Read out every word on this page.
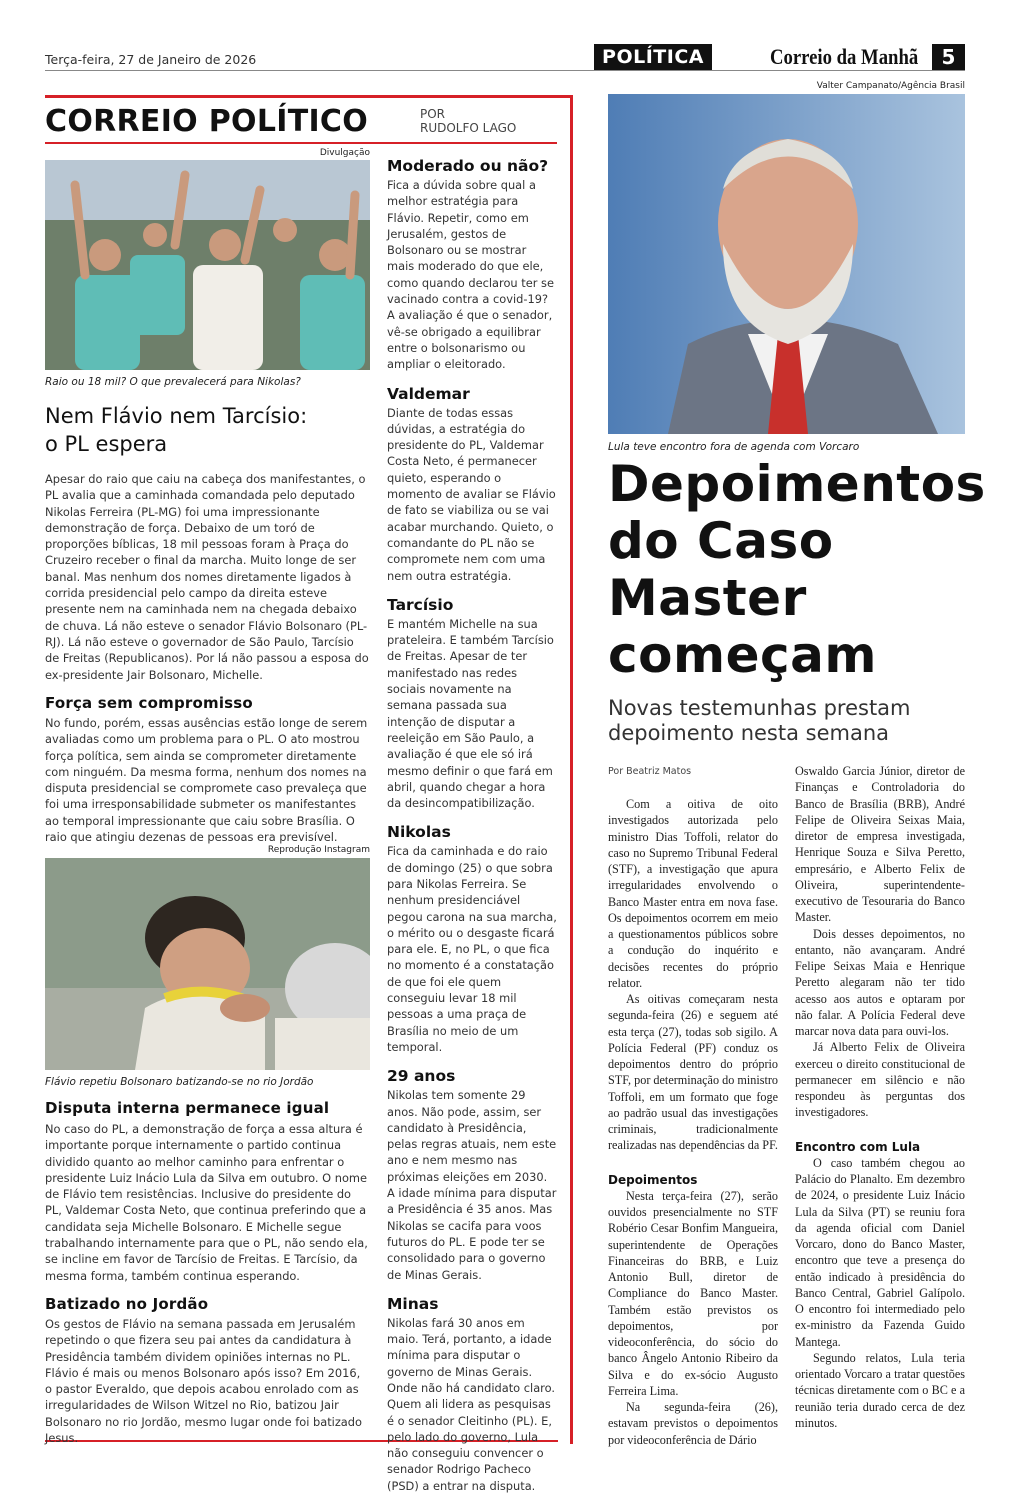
Terça-feira, 27 de Janeiro de 2026	POLÍTICA	Correio da Manhã	5
CORREIO POLÍTICO	POR
RUDOLFO LAGO
Divulgação
Raio ou 18 mil? O que prevalecerá para Nikolas?
Nem Flávio nem Tarcísio:
o PL espera
Apesar do raio que caiu na cabeça dos manifestantes, o PL avalia que a caminhada comandada pelo deputado Nikolas Ferreira (PL-MG) foi uma impressionante demonstração de força. Debaixo de um toró de proporções bíblicas, 18 mil pessoas foram à Praça do Cruzeiro receber o final da marcha. Muito longe de ser banal. Mas nenhum dos nomes diretamente ligados à corrida presidencial pelo campo da direita esteve presente nem na caminhada nem na chegada debaixo de chuva. Lá não esteve o senador Flávio Bolsonaro (PL-RJ). Lá não esteve o governador de São Paulo, Tarcísio de Freitas (Republicanos). Por lá não passou a esposa do ex-presidente Jair Bolsonaro, Michelle.
Força sem compromisso
No fundo, porém, essas ausências estão longe de serem avaliadas como um problema para o PL. O ato mostrou força política, sem ainda se comprometer diretamente com ninguém. Da mesma forma, nenhum dos nomes na disputa presidencial se compromete caso prevaleça que foi uma irresponsabilidade submeter os manifestantes ao temporal impressionante que caiu sobre Brasília. O raio que atingiu dezenas de pessoas era previsível.
Reprodução Instagram
Flávio repetiu Bolsonaro batizando-se no rio Jordão
Disputa interna permanece igual
No caso do PL, a demonstração de força a essa altura é importante porque internamente o partido continua dividido quanto ao melhor caminho para enfrentar o presidente Luiz Inácio Lula da Silva em outubro. O nome de Flávio tem resistências. Inclusive do presidente do PL, Valdemar Costa Neto, que continua preferindo que a candidata seja Michelle Bolsonaro. E Michelle segue trabalhando internamente para que o PL, não sendo ela, se incline em favor de Tarcísio de Freitas. E Tarcísio, da mesma forma, também continua esperando.
Batizado no Jordão
Os gestos de Flávio na semana passada em Jerusalém repetindo o que fizera seu pai antes da candidatura à Presidência também dividem opiniões internas no PL. Flávio é mais ou menos Bolsonaro após isso? Em 2016, o pastor Everaldo, que depois acabou enrolado com as irregularidades de Wilson Witzel no Rio, batizou Jair Bolsonaro no rio Jordão, mesmo lugar onde foi batizado Jesus.
Moderado ou não?
Fica a dúvida sobre qual a melhor estratégia para Flávio. Repetir, como em Jerusalém, gestos de Bolsonaro ou se mostrar mais moderado do que ele, como quando declarou ter se vacinado contra a covid-19? A avaliação é que o senador, vê-se obrigado a equilibrar entre o bolsonarismo ou ampliar o eleitorado.
Valdemar
Diante de todas essas dúvidas, a estratégia do presidente do PL, Valdemar Costa Neto, é permanecer quieto, esperando o momento de avaliar se Flávio de fato se viabiliza ou se vai acabar murchando. Quieto, o comandante do PL não se compromete nem com uma nem outra estratégia.
Tarcísio
E mantém Michelle na sua prateleira. E também Tarcísio de Freitas. Apesar de ter manifestado nas redes sociais novamente na semana passada sua intenção de disputar a reeleição em São Paulo, a avaliação é que ele só irá mesmo definir o que fará em abril, quando chegar a hora da desincompatibilização.
Nikolas
Fica da caminhada e do raio de domingo (25) o que sobra para Nikolas Ferreira. Se nenhum presidenciável pegou carona na sua marcha, o mérito ou o desgaste ficará para ele. E, no PL, o que fica no momento é a constatação de que foi ele quem conseguiu levar 18 mil pessoas a uma praça de Brasília no meio de um temporal.
29 anos
Nikolas tem somente 29 anos. Não pode, assim, ser candidato à Presidência, pelas regras atuais, nem este ano e nem mesmo nas próximas eleições em 2030. A idade mínima para disputar a Presidência é 35 anos. Mas Nikolas se cacifa para voos futuros do PL. E pode ter se consolidado para o governo de Minas Gerais.
Minas
Nikolas fará 30 anos em maio. Terá, portanto, a idade mínima para disputar o governo de Minas Gerais. Onde não há candidato claro. Quem ali lidera as pesquisas é o senador Cleitinho (PL). E, pelo lado do governo, Lula não conseguiu convencer o senador Rodrigo Pacheco (PSD) a entrar na disputa.
Valter Campanato/Agência Brasil
Lula teve encontro fora de agenda com Vorcaro
Depoimentos
do Caso
Master
começam
Novas testemunhas prestam
depoimento nesta semana
Por Beatriz Matos

Com a oitiva de oito investigados autorizada pelo ministro Dias Toffoli, relator do caso no Supremo Tribunal Federal (STF), a investigação que apura irregularidades envolvendo o Banco Master entra em nova fase. Os depoimentos ocorrem em meio a questionamentos públicos sobre a condução do inquérito e decisões recentes do próprio relator.

As oitivas começaram nesta segunda-feira (26) e seguem até esta terça (27), todas sob sigilo. A Polícia Federal (PF) conduz os depoimentos dentro do próprio STF, por determinação do ministro Toffoli, em um formato que foge ao padrão usual das investigações criminais, tradicionalmente realizadas nas dependências da PF.

Depoimentos

Nesta terça-feira (27), serão ouvidos presencialmente no STF Robério Cesar Bonfim Mangueira, superintendente de Operações Financeiras do BRB, e Luiz Antonio Bull, diretor de Compliance do Banco Master. Também estão previstos os depoimentos, por videoconferência, do sócio do banco Ângelo Antonio Ribeiro da Silva e do ex-sócio Augusto Ferreira Lima.

Na segunda-feira (26), estavam previstos o depoimentos por videoconferência de Dário

Oswaldo Garcia Júnior, diretor de Finanças e Controladoria do Banco de Brasília (BRB), André Felipe de Oliveira Seixas Maia, diretor de empresa investigada, Henrique Souza e Silva Peretto, empresário, e Alberto Felix de Oliveira, superintendente-executivo de Tesouraria do Banco Master.

Dois desses depoimentos, no entanto, não avançaram. André Felipe Seixas Maia e Henrique Peretto alegaram não ter tido acesso aos autos e optaram por não falar. A Polícia Federal deve marcar nova data para ouvi-los.

Já Alberto Felix de Oliveira exerceu o direito constitucional de permanecer em silêncio e não respondeu às perguntas dos investigadores.

Encontro com Lula

O caso também chegou ao Palácio do Planalto. Em dezembro de 2024, o presidente Luiz Inácio Lula da Silva (PT) se reuniu fora da agenda oficial com Daniel Vorcaro, dono do Banco Master, encontro que teve a presença do então indicado à presidência do Banco Central, Gabriel Galípolo. O encontro foi intermediado pelo ex-ministro da Fazenda Guido Mantega.

Segundo relatos, Lula teria orientado Vorcaro a tratar questões técnicas diretamente com o BC e a reunião teria durado cerca de dez minutos.
